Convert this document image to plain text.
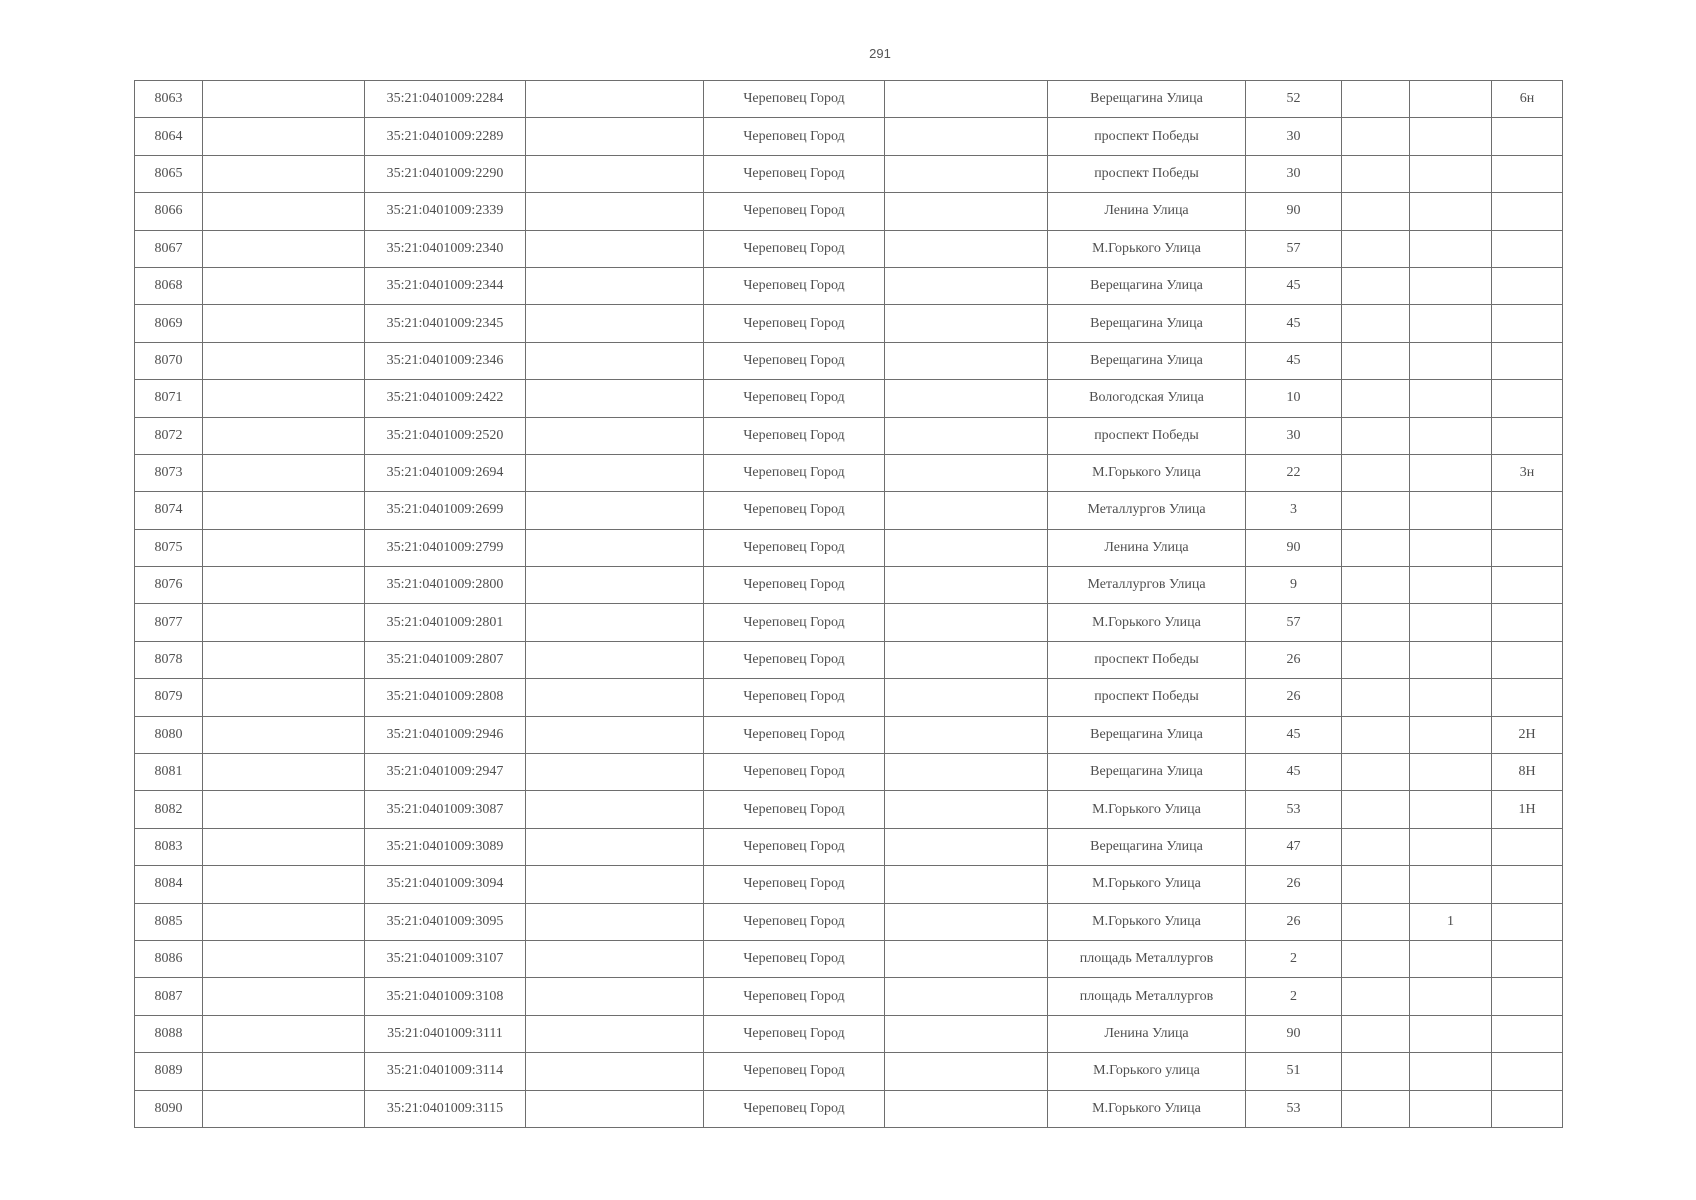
291
8063		35:21:0401009:2284		Череповец Город		Верещагина Улица	52			6н
8064		35:21:0401009:2289		Череповец Город		проспект Победы	30			
8065		35:21:0401009:2290		Череповец Город		проспект Победы	30			
8066		35:21:0401009:2339		Череповец Город		Ленина Улица	90			
8067		35:21:0401009:2340		Череповец Город		М.Горького Улица	57			
8068		35:21:0401009:2344		Череповец Город		Верещагина Улица	45			
8069		35:21:0401009:2345		Череповец Город		Верещагина Улица	45			
8070		35:21:0401009:2346		Череповец Город		Верещагина Улица	45			
8071		35:21:0401009:2422		Череповец Город		Вологодская Улица	10			
8072		35:21:0401009:2520		Череповец Город		проспект Победы	30			
8073		35:21:0401009:2694		Череповец Город		М.Горького Улица	22			3н
8074		35:21:0401009:2699		Череповец Город		Металлургов Улица	3			
8075		35:21:0401009:2799		Череповец Город		Ленина Улица	90			
8076		35:21:0401009:2800		Череповец Город		Металлургов Улица	9			
8077		35:21:0401009:2801		Череповец Город		М.Горького Улица	57			
8078		35:21:0401009:2807		Череповец Город		проспект Победы	26			
8079		35:21:0401009:2808		Череповец Город		проспект Победы	26			
8080		35:21:0401009:2946		Череповец Город		Верещагина Улица	45			2Н
8081		35:21:0401009:2947		Череповец Город		Верещагина Улица	45			8Н
8082		35:21:0401009:3087		Череповец Город		М.Горького Улица	53			1Н
8083		35:21:0401009:3089		Череповец Город		Верещагина Улица	47			
8084		35:21:0401009:3094		Череповец Город		М.Горького Улица	26			
8085		35:21:0401009:3095		Череповец Город		М.Горького Улица	26		1	
8086		35:21:0401009:3107		Череповец Город		площадь Металлургов	2			
8087		35:21:0401009:3108		Череповец Город		площадь Металлургов	2			
8088		35:21:0401009:3111		Череповец Город		Ленина Улица	90			
8089		35:21:0401009:3114		Череповец Город		М.Горького улица	51			
8090		35:21:0401009:3115		Череповец Город		М.Горького Улица	53			
